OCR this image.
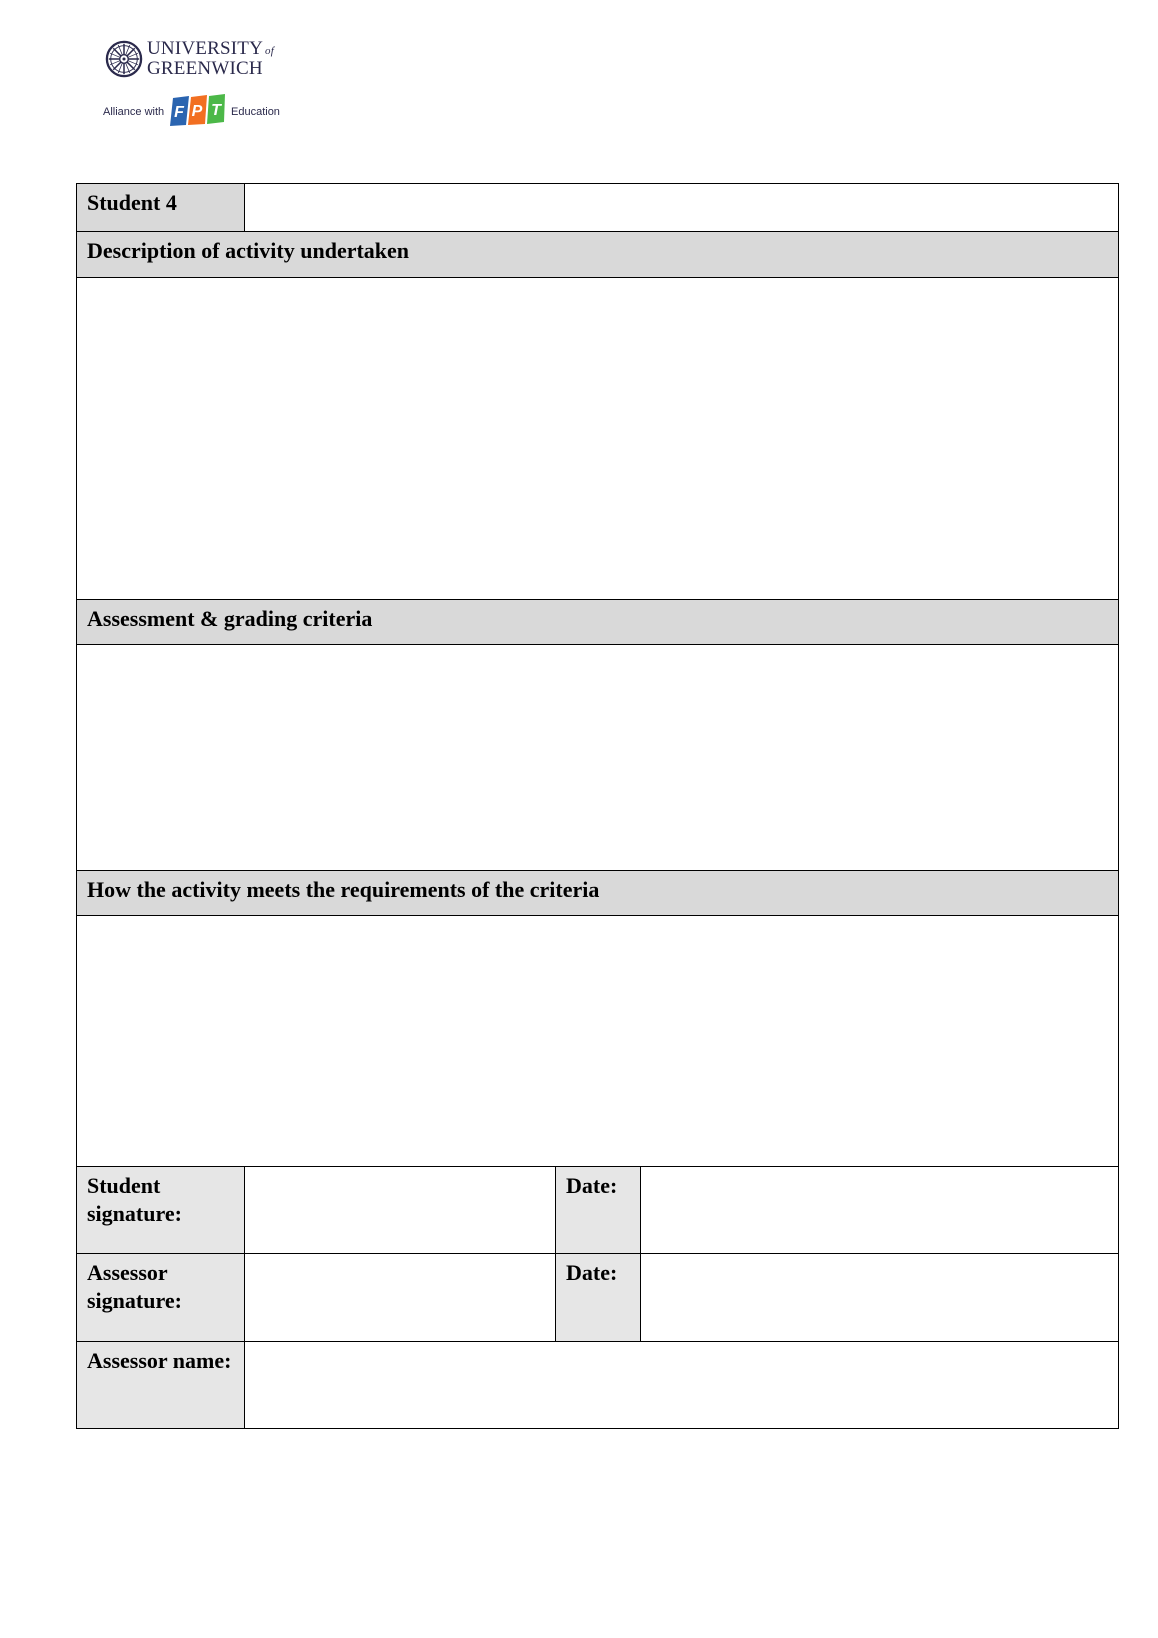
UNIVERSITY of
GREENWICH
Alliance with F P T Education
Student 4			
Description of activity undertaken			

Assessment & grading criteria			

How the activity meets the requirements of the criteria			

Student signature:		Date:	
Assessor signature:		Date:	
Assessor name:			
